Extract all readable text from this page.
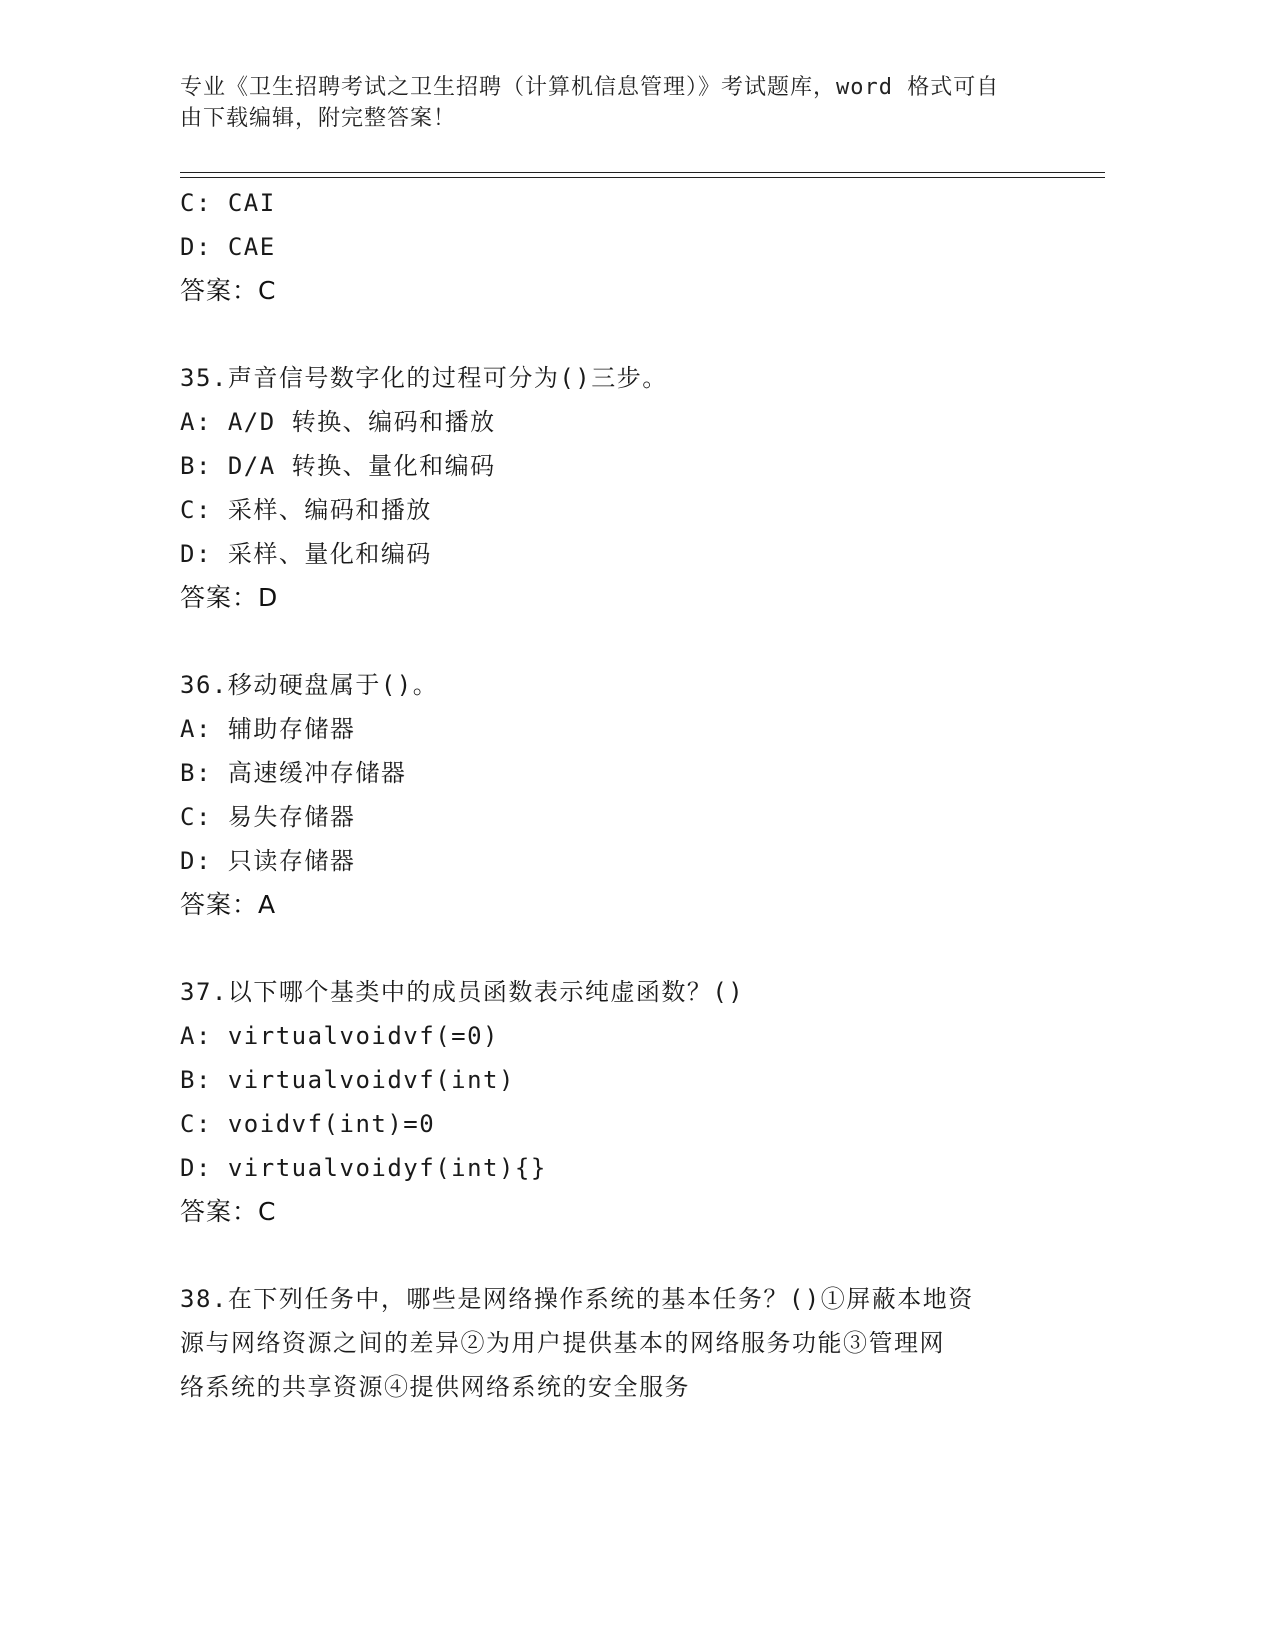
专业《卫生招聘考试之卫生招聘（计算机信息管理）》考试题库，word 格式可自
由下载编辑，附完整答案！
C: CAI
D: CAE
答案：C
35.声音信号数字化的过程可分为()三步。
A: A/D 转换、编码和播放
B: D/A 转换、量化和编码
C: 采样、编码和播放
D: 采样、量化和编码
答案：D
36.移动硬盘属于()。
A: 辅助存储器
B: 高速缓冲存储器
C: 易失存储器
D: 只读存储器
答案：A
37.以下哪个基类中的成员函数表示纯虚函数？()
A: virtualvoidvf(=0)
B: virtualvoidvf(int)
C: voidvf(int)=0
D: virtualvoidyf(int){}
答案：C
38.在下列任务中，哪些是网络操作系统的基本任务？()①屏蔽本地资
源与网络资源之间的差异②为用户提供基本的网络服务功能③管理网
络系统的共享资源④提供网络系统的安全服务
